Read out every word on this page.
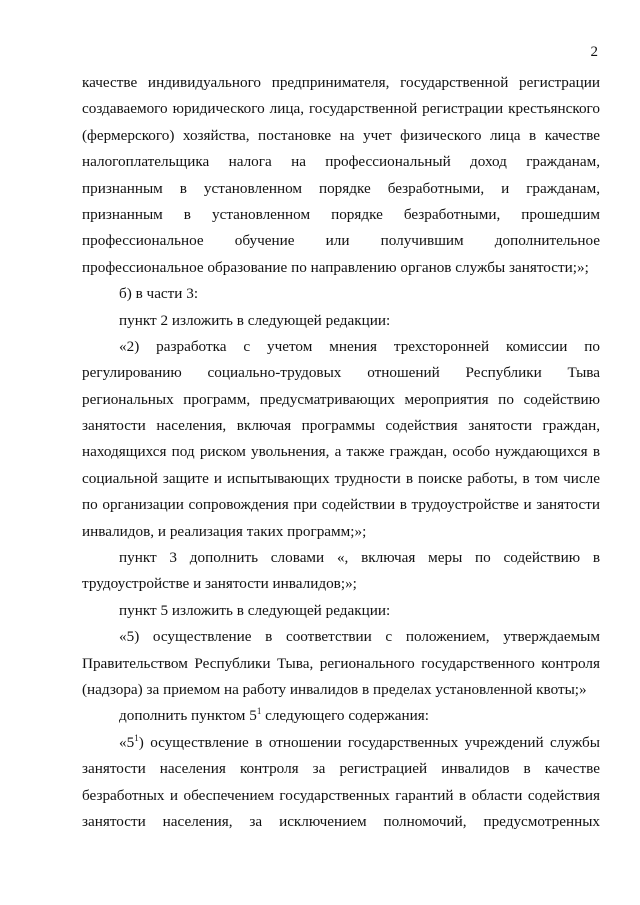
2
качестве индивидуального предпринимателя, государственной регистрации
создаваемого юридического лица, государственной регистрации крестьянского
(фермерского) хозяйства, постановке на учет физического лица в качестве
налогоплательщика налога на профессиональный доход гражданам,
признанным в установленном порядке безработными, и гражданам,
признанным в установленном порядке безработными, прошедшим
профессиональное обучение или получившим дополнительное
профессиональное образование по направлению органов службы занятости;»;
б) в части 3:
пункт 2 изложить в следующей редакции:
«2) разработка с учетом мнения трехсторонней комиссии по
регулированию социально-трудовых отношений Республики Тыва
региональных программ, предусматривающих мероприятия по содействию
занятости населения, включая программы содействия занятости граждан,
находящихся под риском увольнения, а также граждан, особо нуждающихся в
социальной защите и испытывающих трудности в поиске работы, в том числе
по организации сопровождения при содействии в трудоустройстве и занятости
инвалидов, и реализация таких программ;»;
пункт 3 дополнить словами «, включая меры по содействию в
трудоустройстве и занятости инвалидов;»;
пункт 5 изложить в следующей редакции:
«5) осуществление в соответствии с положением, утверждаемым
Правительством Республики Тыва, регионального государственного контроля
(надзора) за приемом на работу инвалидов в пределах установленной квоты;»
дополнить пунктом $5^1$ следующего содержания:
«$5^1$) осуществление в отношении государственных учреждений службы
занятости населения контроля за регистрацией инвалидов в качестве
безработных и обеспечением государственных гарантий в области содействия
занятости населения, за исключением полномочий, предусмотренных
